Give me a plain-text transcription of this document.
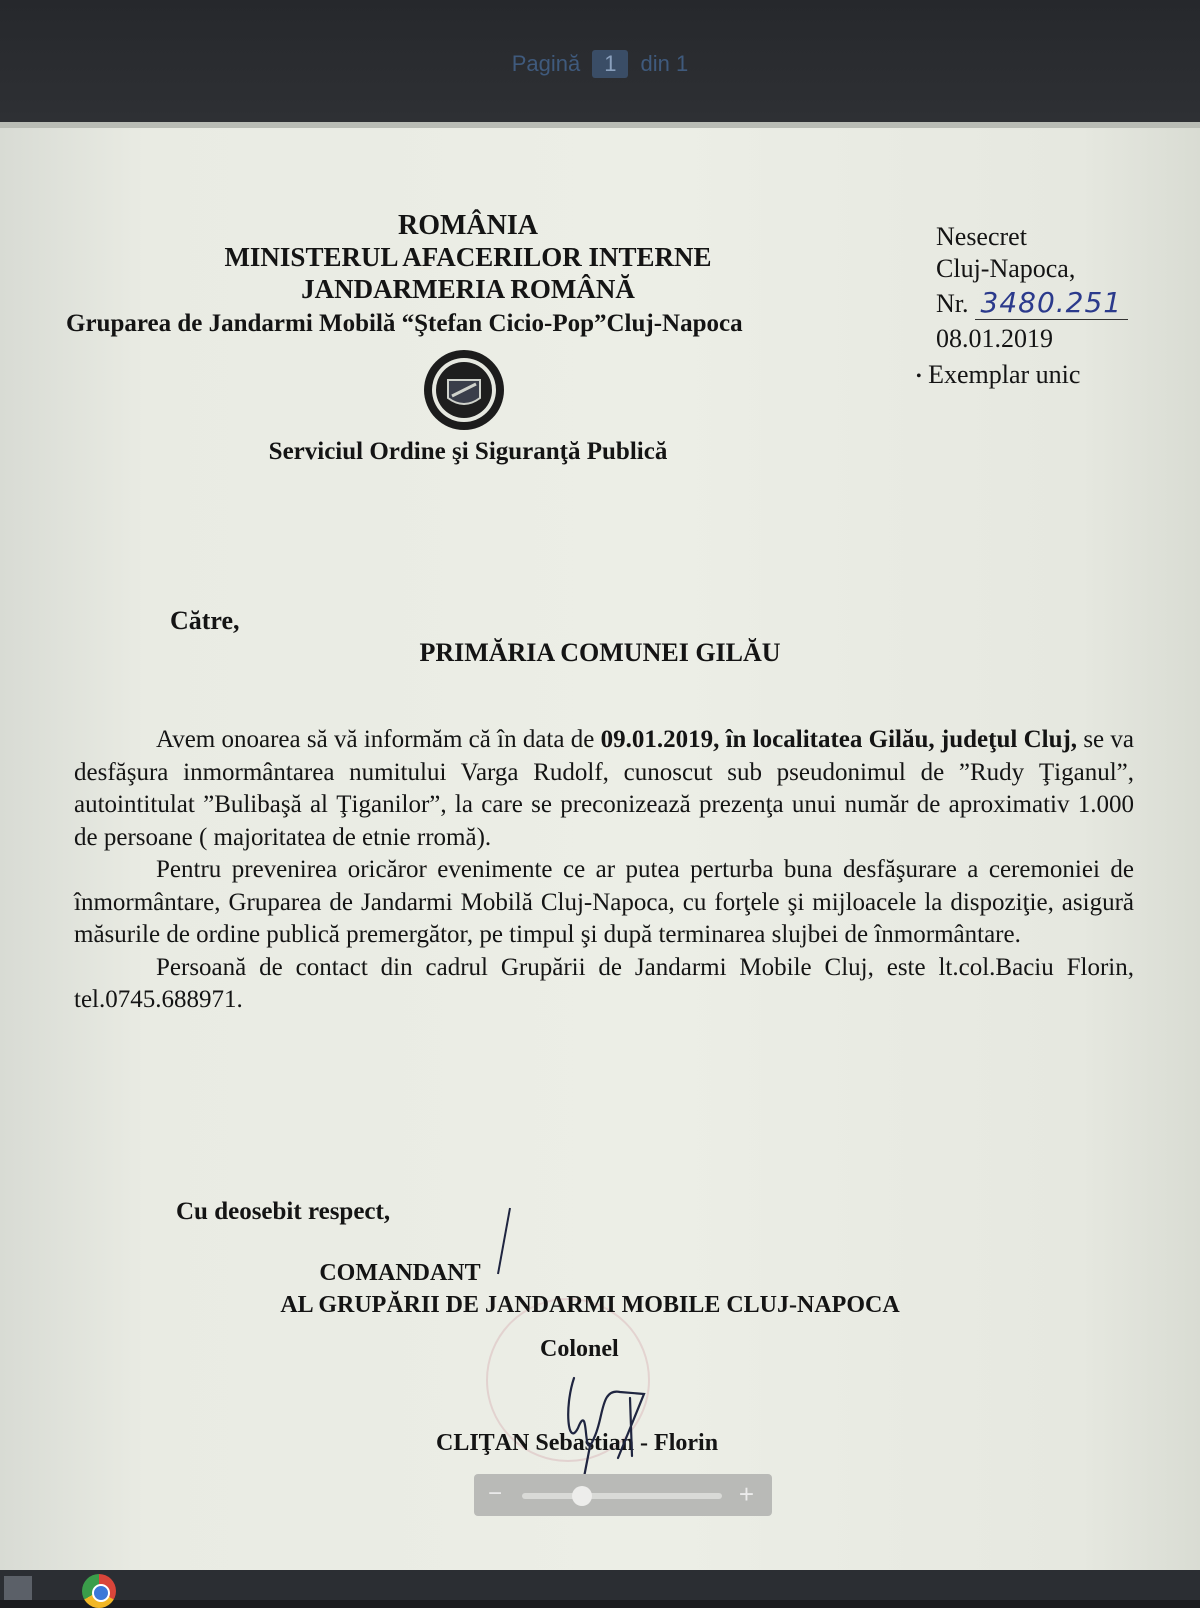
Pagină 1 din 1
ROMÂNIA
MINISTERUL AFACERILOR INTERNE
JANDARMERIA ROMÂNĂ
Gruparea de Jandarmi Mobilă “Ştefan Cicio-Pop”Cluj-Napoca
Serviciul Ordine şi Siguranţă Publică
Nesecret
Cluj-Napoca,
Nr. 3480.251
08.01.2019
• Exemplar unic
Către,
PRIMĂRIA COMUNEI GILĂU

Avem onoarea să vă informăm că în data de 09.01.2019, în localitatea Gilău, judeţul Cluj, se va desfăşura inmormântarea numitului Varga Rudolf, cunoscut sub pseudonimul de ”Rudy Ţiganul”, autointitulat ”Bulibaşă al Ţiganilor”, la care se preconizează prezenţa unui număr de aproximativ 1.000 de persoane ( majoritatea de etnie rromă).

Pentru prevenirea oricăror evenimente ce ar putea perturba buna desfăşurare a ceremoniei de înmormântare, Gruparea de Jandarmi Mobilă Cluj-Napoca, cu forţele şi mijloacele la dispoziţie, asigură măsurile de ordine publică premergător, pe timpul şi după terminarea slujbei de înmormântare.

Persoană de contact din cadrul Grupării de Jandarmi Mobile Cluj, este lt.col.Baciu Florin, tel.0745.688971.

Cu deosebit respect,
COMANDANT
AL GRUPĂRII DE JANDARMI MOBILE CLUJ-NAPOCA
Colonel
CLIŢAN Sebastian - Florin
−	+
